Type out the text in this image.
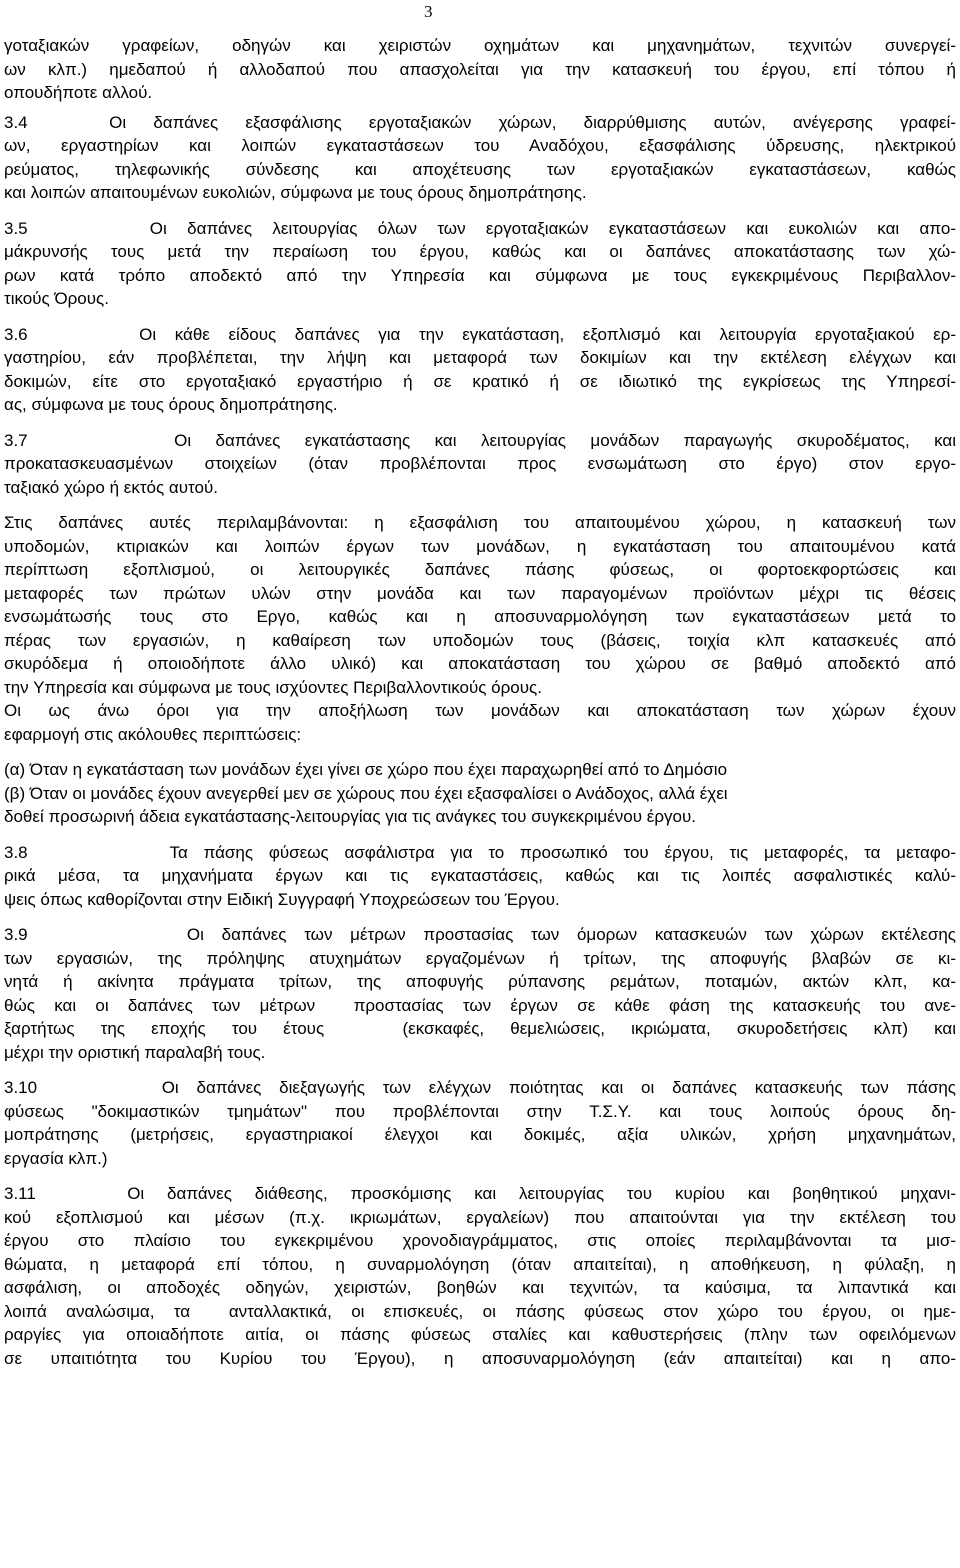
3
γοταξιακών γραφείων, οδηγών και χειριστών οχημάτων και μηχανημάτων, τεχνιτών συνεργεί-
ων κλπ.) ημεδαπού ή αλλοδαπού που απασχολείται για την κατασκευή του έργου, επί τόπου ή
οπουδήποτε αλλού.
3.4   Οι δαπάνες εξασφάλισης εργοταξιακών χώρων, διαρρύθμισης αυτών, ανέγερσης γραφεί-
ων, εργαστηρίων και λοιπών εγκαταστάσεων του Αναδόχου, εξασφάλισης ύδρευσης, ηλεκτρικού
ρεύματος, τηλεφωνικής σύνδεσης και αποχέτευσης των εργοταξιακών εγκαταστάσεων, καθώς
και λοιπών απαιτουμένων ευκολιών, σύμφωνα με τους όρους δημοπράτησης.
3.5      Οι δαπάνες λειτουργίας όλων των εργοταξιακών εγκαταστάσεων και ευκολιών και απο-
μάκρυνσής τους μετά την περαίωση του έργου, καθώς και οι δαπάνες αποκατάστασης των χώ-
ρων κατά τρόπο αποδεκτό από την Υπηρεσία και σύμφωνα με τους εγκεκριμένους Περιβαλλον-
τικούς Όρους.
3.6      Οι κάθε είδους δαπάνες για την εγκατάσταση, εξοπλισμό και λειτουργία εργοταξιακού ερ-
γαστηρίου, εάν προβλέπεται, την λήψη και μεταφορά των δοκιμίων και την εκτέλεση ελέγχων και
δοκιμών, είτε στο εργοταξιακό εργαστήριο ή σε κρατικό ή σε ιδιωτικό της εγκρίσεως της Υπηρεσί-
ας, σύμφωνα με τους όρους δημοπράτησης.
3.7      Οι δαπάνες εγκατάστασης και λειτουργίας μονάδων παραγωγής σκυροδέματος, και
προκατασκευασμένων στοιχείων (όταν προβλέπονται προς ενσωμάτωση στο έργο) στον εργο-
ταξιακό χώρο ή εκτός αυτού.
Στις δαπάνες αυτές περιλαμβάνονται: η εξασφάλιση του απαιτουμένου χώρου, η κατασκευή των
υποδομών, κτιριακών και λοιπών έργων των μονάδων, η εγκατάσταση του απαιτουμένου κατά
περίπτωση εξοπλισμού, οι λειτουργικές δαπάνες πάσης φύσεως, οι φορτοεκφορτώσεις και
μεταφορές των πρώτων υλών στην μονάδα και των παραγομένων προϊόντων μέχρι τις θέσεις
ενσωμάτωσής τους στο Εργο, καθώς και η αποσυναρμολόγηση των εγκαταστάσεων μετά το
πέρας των εργασιών, η καθαίρεση των υποδομών τους (βάσεις, τοιχία κλπ κατασκευές από
σκυρόδεμα ή οποιοδήποτε άλλο υλικό) και αποκατάσταση του χώρου σε βαθμό αποδεκτό από
την Υπηρεσία και σύμφωνα με τους ισχύοντες Περιβαλλοντικούς όρους.
Οι ως άνω όροι για την αποξήλωση των μονάδων και αποκατάσταση των χώρων έχουν
εφαρμογή στις ακόλουθες περιπτώσεις:
(α) Όταν η εγκατάσταση των μονάδων έχει γίνει σε χώρο που έχει παραχωρηθεί από το Δημόσιο
(β) Όταν οι μονάδες έχουν ανεγερθεί μεν σε χώρους που έχει εξασφαλίσει ο Ανάδοχος, αλλά έχει
δοθεί προσωρινή άδεια εγκατάστασης-λειτουργίας για τις ανάγκες του συγκεκριμένου έργου.
3.8         Τα πάσης φύσεως ασφάλιστρα για το προσωπικό του έργου, τις μεταφορές, τα μεταφο-
ρικά μέσα, τα μηχανήματα έργων και τις εγκαταστάσεις, καθώς και τις λοιπές ασφαλιστικές καλύ-
ψεις όπως καθορίζονται στην Ειδική Συγγραφή Υποχρεώσεων του Έργου.
3.9         Οι δαπάνες των μέτρων προστασίας των όμορων κατασκευών των χώρων εκτέλεσης
των εργασιών, της πρόληψης ατυχημάτων εργαζομένων ή τρίτων, της αποφυγής βλαβών σε κι-
νητά ή ακίνητα πράγματα τρίτων, της αποφυγής ρύπανσης ρεμάτων, ποταμών, ακτών κλπ, κα-
θώς και οι δαπάνες των μέτρων  προστασίας των έργων σε κάθε φάση της κατασκευής του ανε-
ξαρτήτως της εποχής του έτους   (εκσκαφές, θεμελιώσεις, ικριώματα, σκυροδετήσεις κλπ) και
μέχρι την οριστική παραλαβή τους.
3.10       Οι δαπάνες διεξαγωγής των ελέγχων ποιότητας και οι δαπάνες κατασκευής των πάσης
φύσεως "δοκιμαστικών τμημάτων" που προβλέπονται στην Τ.Σ.Υ. και τους λοιπούς όρους δη-
μοπράτησης (μετρήσεις, εργαστηριακοί έλεγχοι και δοκιμές, αξία υλικών, χρήση μηχανημάτων,
εργασία κλπ.)
3.11    Οι δαπάνες διάθεσης, προσκόμισης και λειτουργίας του κυρίου και βοηθητικού μηχανι-
κού εξοπλισμού και μέσων (π.χ. ικριωμάτων, εργαλείων) που απαιτούνται για την εκτέλεση του
έργου στο πλαίσιο του εγκεκριμένου χρονοδιαγράμματος, στις οποίες περιλαμβάνονται τα μισ-
θώματα, η μεταφορά επί τόπου, η συναρμολόγηση (όταν απαιτείται), η αποθήκευση, η φύλαξη, η
ασφάλιση, οι αποδοχές οδηγών, χειριστών, βοηθών και τεχνιτών, τα καύσιμα, τα λιπαντικά και
λοιπά αναλώσιμα, τα  ανταλλακτικά, οι επισκευές, οι πάσης φύσεως στον χώρο του έργου, οι ημε-
ραργίες για οποιαδήποτε αιτία, οι πάσης φύσεως σταλίες και καθυστερήσεις (πλην των οφειλόμενων
σε υπαιτιότητα του Κυρίου του Έργου), η αποσυναρμολόγηση (εάν απαιτείται) και η απο-
